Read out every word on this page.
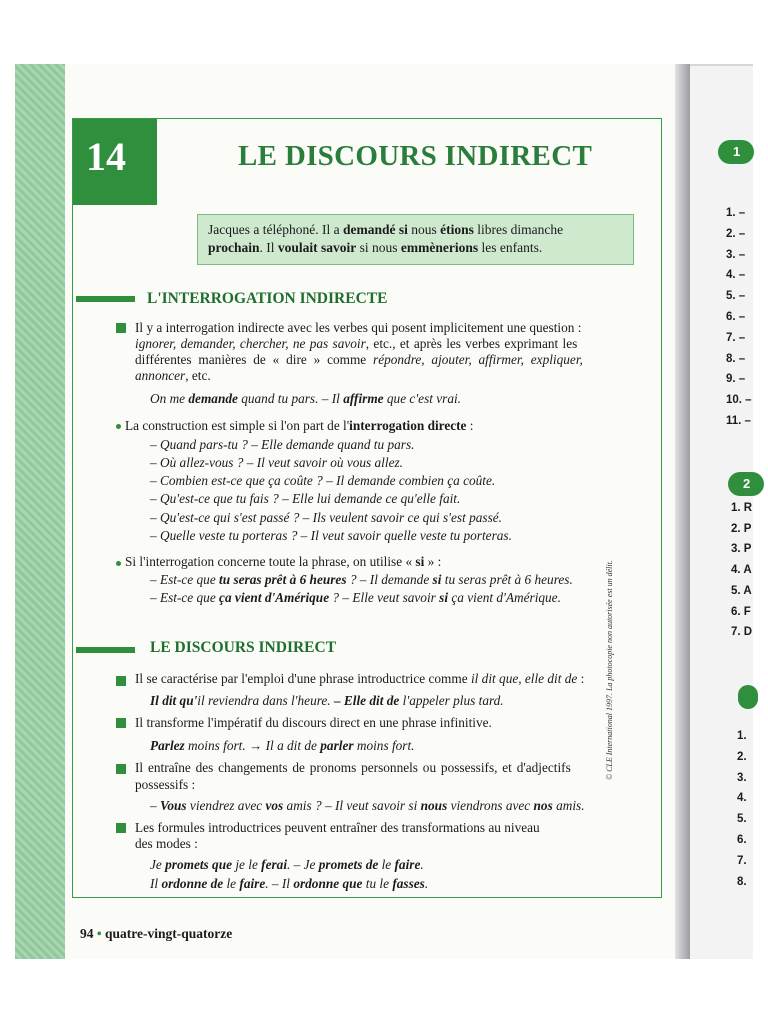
14	LE DISCOURS INDIRECT
Jacques a téléphoné. Il a demandé si nous étions libres dimanche
prochain. Il voulait savoir si nous emmènerions les enfants.
L'INTERROGATION INDIRECTE
Il y a interrogation indirecte avec les verbes qui posent implicitement une question :
ignorer, demander, chercher, ne pas savoir, etc., et après les verbes exprimant les
différentes manières de « dire » comme répondre, ajouter, affirmer, expliquer,
annoncer, etc.
On me demande quand tu pars. – Il affirme que c'est vrai.
La construction est simple si l'on part de l'interrogation directe :
– Quand pars-tu ? – Elle demande quand tu pars.
– Où allez-vous ? – Il veut savoir où vous allez.
– Combien est-ce que ça coûte ? – Il demande combien ça coûte.
– Qu'est-ce que tu fais ? – Elle lui demande ce qu'elle fait.
– Qu'est-ce qui s'est passé ? – Ils veulent savoir ce qui s'est passé.
– Quelle veste tu porteras ? – Il veut savoir quelle veste tu porteras.
Si l'interrogation concerne toute la phrase, on utilise « si » :
– Est-ce que tu seras prêt à 6 heures ? – Il demande si tu seras prêt à 6 heures.
– Est-ce que ça vient d'Amérique ? – Elle veut savoir si ça vient d'Amérique.
LE DISCOURS INDIRECT
Il se caractérise par l'emploi d'une phrase introductrice comme il dit que, elle dit de :
Il dit qu'il reviendra dans l'heure. – Elle dit de l'appeler plus tard.
Il transforme l'impératif du discours direct en une phrase infinitive.
Parlez moins fort. → Il a dit de parler moins fort.
Il entraîne des changements de pronoms personnels ou possessifs, et d'adjectifs
possessifs :
– Vous viendrez avec vos amis ? – Il veut savoir si nous viendrons avec nos amis.
Les formules introductrices peuvent entraîner des transformations au niveau
des modes :
Je promets que je le ferai. – Je promets de le faire.
Il ordonne de le faire. – Il ordonne que tu le fasses.
94 • quatre-vingt-quatorze
© CLE International 1997. La photocopie non autorisée est un délit.
1
1. –
2. –
3. –
4. –
5. –
6. –
7. –
8. –
9. –
10. –
11. –
2
1. R
2. P
3. P
4. A
5. A
6. F
7. D
1.
2.
3.
4.
5.
6.
7.
8.
